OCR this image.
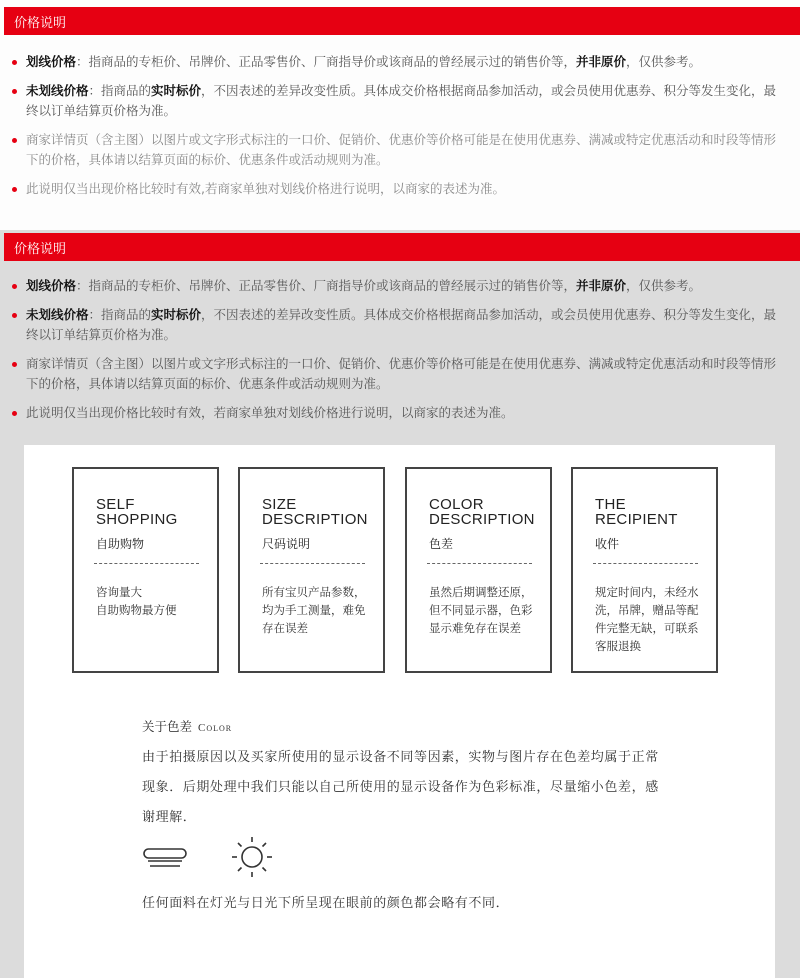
价格说明
划线价格：指商品的专柜价、吊牌价、正品零售价、厂商指导价或该商品的曾经展示过的销售价等，并非原价，仅供参考。
未划线价格：指商品的实时标价，不因表述的差异改变性质。具体成交价格根据商品参加活动，或会员使用优惠券、积分等发生变化，最终以订单结算页价格为准。
商家详情页（含主图）以图片或文字形式标注的一口价、促销价、优惠价等价格可能是在使用优惠券、满减或特定优惠活动和时段等情形下的价格，具体请以结算页面的标价、优惠条件或活动规则为准。
此说明仅当出现价格比较时有效,若商家单独对划线价格进行说明，以商家的表述为准。
价格说明
划线价格：指商品的专柜价、吊牌价、正品零售价、厂商指导价或该商品的曾经展示过的销售价等，并非原价，仅供参考。
未划线价格：指商品的实时标价，不因表述的差异改变性质。具体成交价格根据商品参加活动，或会员使用优惠券、积分等发生变化，最终以订单结算页价格为准。
商家详情页（含主图）以图片或文字形式标注的一口价、促销价、优惠价等价格可能是在使用优惠券、满减或特定优惠活动和时段等情形下的价格，具体请以结算页面的标价、优惠条件或活动规则为准。
此说明仅当出现价格比较时有效，若商家单独对划线价格进行说明，以商家的表述为准。
SELF
SHOPPING
自助购物
咨询量大
自助购物最方便
SIZE
DESCRIPTION
尺码说明
所有宝贝产品参数，
均为手工测量，难免
存在误差
COLOR
DESCRIPTION
色差
虽然后期调整还原，
但不同显示器，色彩
显示难免存在误差
THE
RECIPIENT
收件
规定时间内，未经水
洗，吊牌，赠品等配
件完整无缺，可联系
客服退换
关于色差 Color
由于拍摄原因以及买家所使用的显示设备不同等因素，实物与图片存在色差均属于正常
现象．后期处理中我们只能以自己所使用的显示设备作为色彩标准，尽量缩小色差，感
谢理解．
任何面料在灯光与日光下所呈现在眼前的颜色都会略有不同．
